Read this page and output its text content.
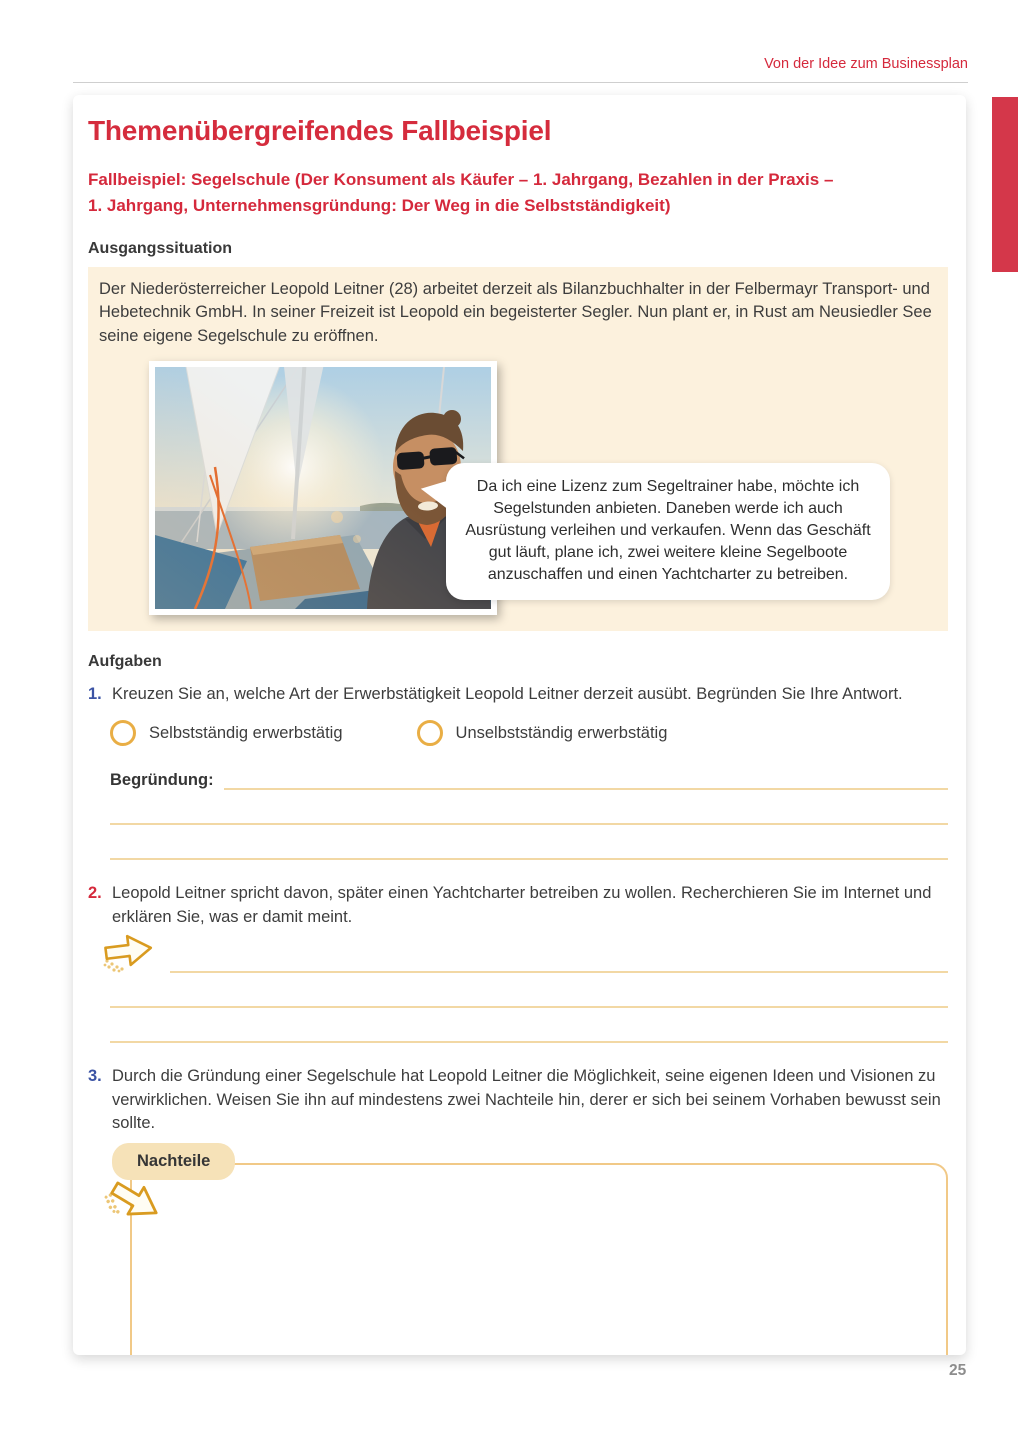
Von der Idee zum Businessplan
Themenübergreifendes Fallbeispiel
Fallbeispiel: Segelschule (Der Konsument als Käufer – 1. Jahrgang, Bezahlen in der Praxis –
1. Jahrgang, Unternehmensgründung: Der Weg in die Selbstständigkeit)
Ausgangssituation
Der Niederösterreicher Leopold Leitner (28) arbeitet derzeit als Bilanzbuchhalter in der Felbermayr Transport- und Hebetechnik GmbH. In seiner Freizeit ist Leopold ein begeisterter Segler. Nun plant er, in Rust am Neusiedler See seine eigene Segelschule zu eröffnen.
Da ich eine Lizenz zum Segeltrainer habe, möchte ich Segelstunden anbieten. Daneben werde ich auch Ausrüstung verleihen und verkaufen. Wenn das Geschäft gut läuft, plane ich, zwei weitere kleine Segelboote anzuschaffen und einen Yachtcharter zu betreiben.
Aufgaben
1. Kreuzen Sie an, welche Art der Erwerbstätigkeit Leopold Leitner derzeit ausübt. Begründen Sie Ihre Antwort.
Selbstständig erwerbstätig	Unselbstständig erwerbstätig
Begründung:
2. Leopold Leitner spricht davon, später einen Yachtcharter betreiben zu wollen. Recherchieren Sie im Internet und erklären Sie, was er damit meint.
3. Durch die Gründung einer Segelschule hat Leopold Leitner die Möglichkeit, seine eigenen Ideen und Visionen zu verwirklichen. Weisen Sie ihn auf mindestens zwei Nachteile hin, derer er sich bei seinem Vorhaben bewusst sein sollte.
Nachteile
25
